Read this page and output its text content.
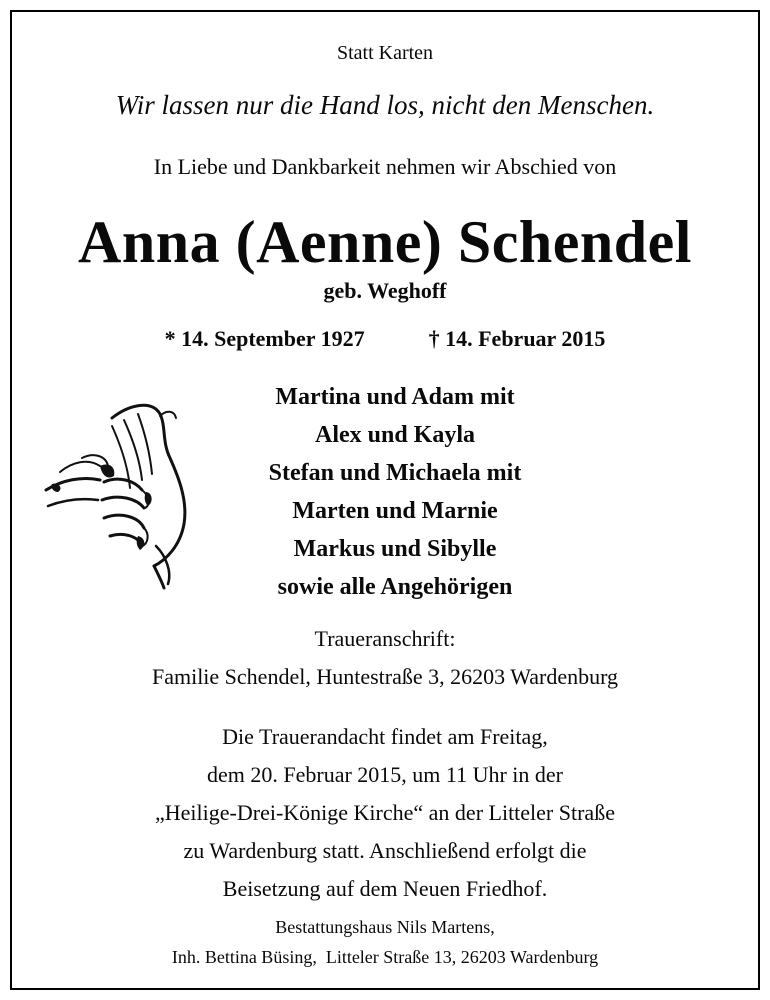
Statt Karten
Wir lassen nur die Hand los, nicht den Menschen.
In Liebe und Dankbarkeit nehmen wir Abschied von
Anna (Aenne) Schendel
geb. Weghoff
* 14. September 1927	† 14. Februar 2015
Martina und Adam mit
Alex und Kayla
Stefan und Michaela mit
Marten und Marnie
Markus und Sibylle
sowie alle Angehörigen
Traueranschrift:
Familie Schendel, Huntestraße 3, 26203 Wardenburg
Die Trauerandacht findet am Freitag,
dem 20. Februar 2015, um 11 Uhr in der
„Heilige-Drei-Könige Kirche“ an der Litteler Straße
zu Wardenburg statt. Anschließend erfolgt die
Beisetzung auf dem Neuen Friedhof.
Bestattungshaus Nils Martens,
Inh. Bettina Büsing,  Litteler Straße 13, 26203 Wardenburg
